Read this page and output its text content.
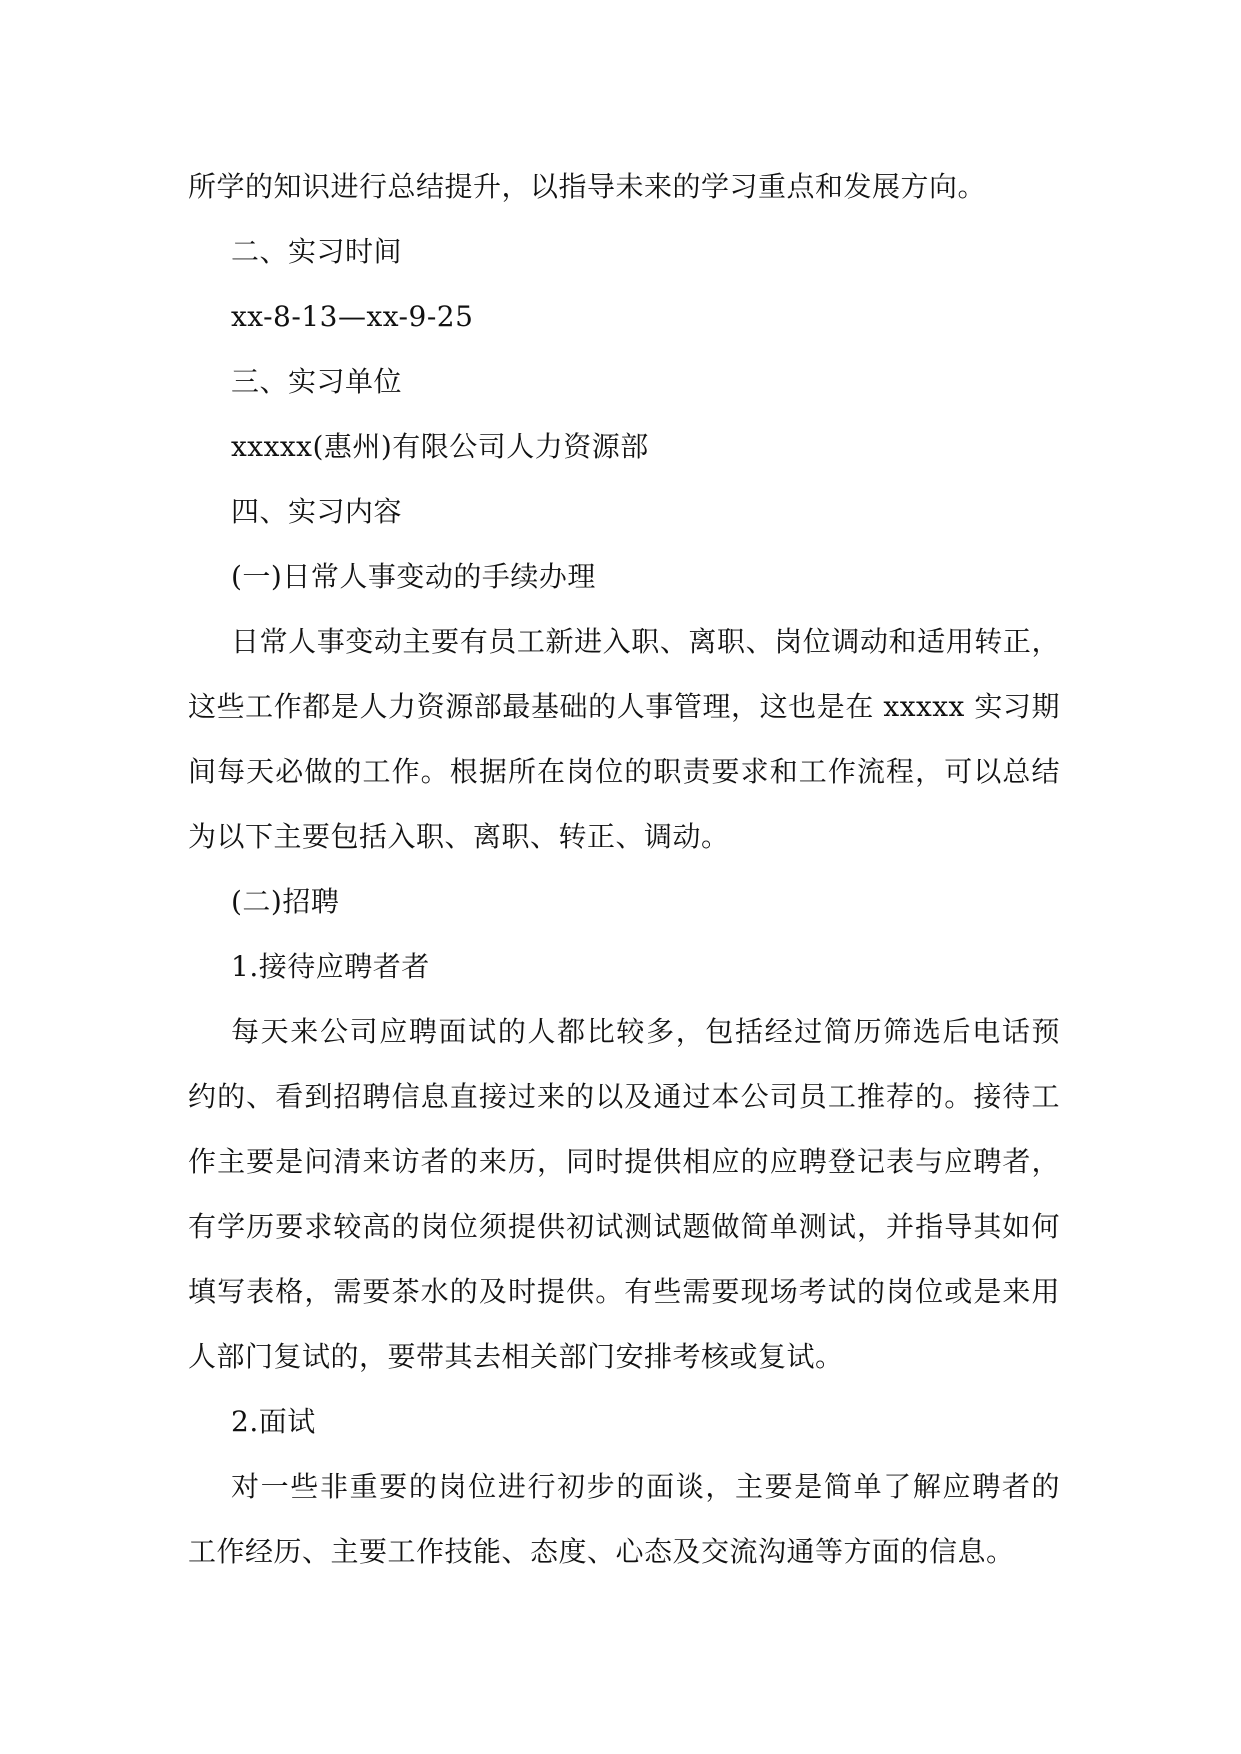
所学的知识进行总结提升，以指导未来的学习重点和发展方向。
二、实习时间
xx-8-13—xx-9-25
三、实习单位
xxxxx(惠州)有限公司人力资源部
四、实习内容
(一)日常人事变动的手续办理
日常人事变动主要有员工新进入职、离职、岗位调动和适用转正，
这些工作都是人力资源部最基础的人事管理，这也是在 xxxxx 实习期
间每天必做的工作。根据所在岗位的职责要求和工作流程，可以总结
为以下主要包括入职、离职、转正、调动。
(二)招聘
1.接待应聘者者
每天来公司应聘面试的人都比较多，包括经过简历筛选后电话预
约的、看到招聘信息直接过来的以及通过本公司员工推荐的。接待工
作主要是问清来访者的来历，同时提供相应的应聘登记表与应聘者，
有学历要求较高的岗位须提供初试测试题做简单测试，并指导其如何
填写表格，需要茶水的及时提供。有些需要现场考试的岗位或是来用
人部门复试的，要带其去相关部门安排考核或复试。
2.面试
对一些非重要的岗位进行初步的面谈，主要是简单了解应聘者的
工作经历、主要工作技能、态度、心态及交流沟通等方面的信息。
